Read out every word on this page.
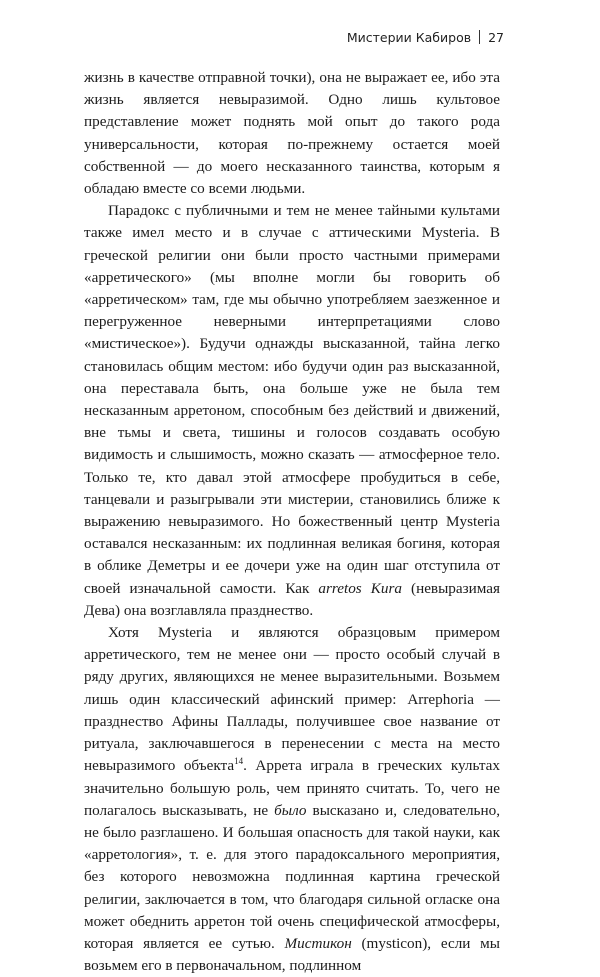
Мистерии Кабиров 27

жизнь в качестве отправной точки), она не выражает ее, ибо эта жизнь является невыразимой. Одно лишь культовое представление может поднять мой опыт до такого рода универсальности, которая по-прежнему остается моей собственной — до моего несказанного таинства, которым я обладаю вместе со всеми людьми.

Парадокс с публичными и тем не менее тайными культами также имел место и в случае с аттическими Mysteria. В греческой религии они были просто частными примерами «арретического» (мы вполне могли бы говорить об «арретическом» там, где мы обычно употребляем заезженное и перегруженное неверными интерпретациями слово «мистическое»). Будучи однажды высказанной, тайна легко становилась общим местом: ибо будучи один раз высказанной, она переставала быть, она больше уже не была тем несказанным арретоном, способным без действий и движений, вне тьмы и света, тишины и голосов создавать особую видимость и слышимость, можно сказать — атмосферное тело. Только те, кто давал этой атмосфере пробудиться в себе, танцевали и разыгрывали эти мистерии, становились ближе к выражению невыразимого. Но божественный центр Mysteria оставался несказанным: их подлинная великая богиня, которая в облике Деметры и ее дочери уже на один шаг отступила от своей изначальной самости. Как arretos Kura (невыразимая Дева) она возглавляла празднество.

Хотя Mysteria и являются образцовым примером арретического, тем не менее они — просто особый случай в ряду других, являющихся не менее выразительными. Возьмем лишь один классический афинский пример: Arrephoria — празднество Афины Паллады, получившее свое название от ритуала, заключавшегося в перенесении с места на место невыразимого объекта$^{14}$. Аррета играла в греческих культах значительно большую роль, чем принято считать. То, чего не полагалось высказывать, не было высказано и, следовательно, не было разглашено. И большая опасность для такой науки, как «арретология», т. е. для этого парадоксального мероприятия, без которого невозможна подлинная картина греческой религии, заключается в том, что благодаря сильной огласке она может обеднить арретон той очень специфической атмосферы, которая является ее сутью. Мистикон (mysticon), если мы возьмем его в первоначальном, подлинном
